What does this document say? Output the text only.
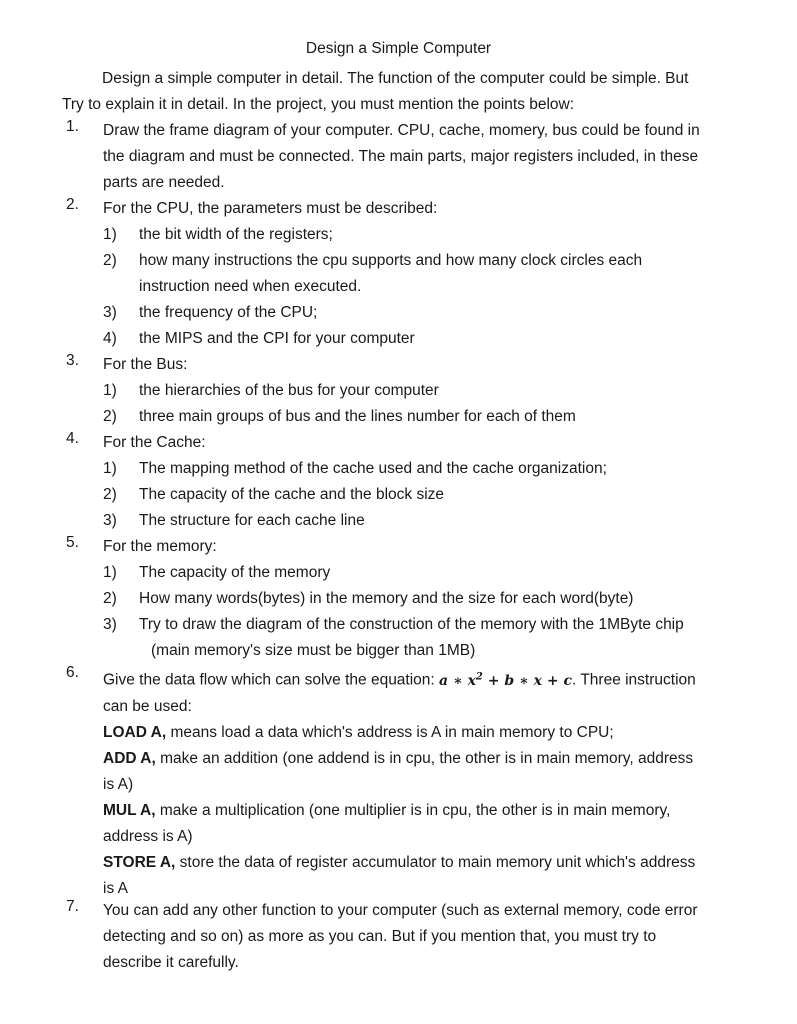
Design a Simple Computer
Design a simple computer in detail. The function of the computer could be simple. But
Try to explain it in detail. In the project, you must mention the points below:
1.	Draw the frame diagram of your computer. CPU, cache, momery, bus could be found in
the diagram and must be connected. The main parts, major registers included, in these
parts are needed.
2.	For the CPU, the parameters must be described:
1)	the bit width of the registers;
2)	how many instructions the cpu supports and how many clock circles each
instruction need when executed.
3)	the frequency of the CPU;
4)	the MIPS and the CPI for your computer
3.	For the Bus:
1)	the hierarchies of the bus for your computer
2)	three main groups of bus and the lines number for each of them
4.	For the Cache:
1)	The mapping method of the cache used and the cache organization;
2)	The capacity of the cache and the block size
3)	The structure for each cache line
5.	For the memory:
1)	The capacity of the memory
2)	How many words(bytes) in the memory and the size for each word(byte)
3)	Try to draw the diagram of the construction of the memory with the 1MByte chip
(main memory's size must be bigger than 1MB)
6.	Give the data flow which can solve the equation: a ∗ $x^2 + b$ ∗ x + c. Three instruction
can be used:
LOAD A, means load a data which's address is A in main memory to CPU;
ADD A, make an addition (one addend is in cpu, the other is in main memory, address
is A)
MUL A, make a multiplication (one multiplier is in cpu, the other is in main memory,
address is A)
STORE A, store the data of register accumulator to main memory unit which's address
is A
7.	You can add any other function to your computer (such as external memory, code error
detecting and so on) as more as you can. But if you mention that, you must try to
describe it carefully.
